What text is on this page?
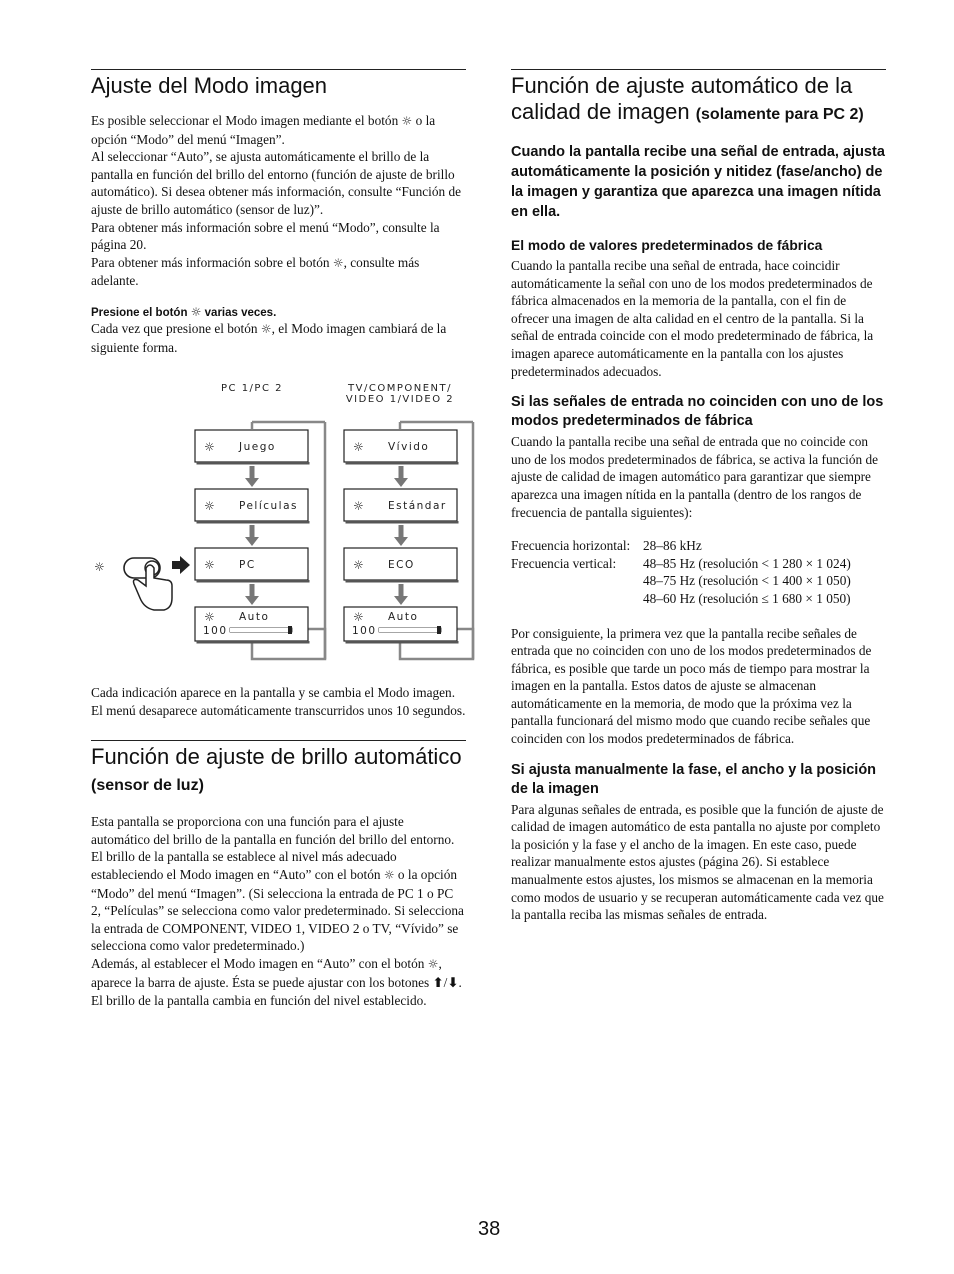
Ajuste del Modo imagen

Es posible seleccionar el Modo imagen mediante el botón ☼ o la opción “Modo” del menú “Imagen”.

Al seleccionar “Auto”, se ajusta automáticamente el brillo de la pantalla en función del brillo del entorno (función de ajuste de brillo automático). Si desea obtener más información, consulte “Función de ajuste de brillo automático (sensor de luz)”.

Para obtener más información sobre el menú “Modo”, consulte la página 20.

Para obtener más información sobre el botón ☼, consulte más adelante.

Presione el botón ☼ varias veces.

Cada vez que presione el botón ☼, el Modo imagen cambiará de la siguiente forma.

PC 1/PC 2	TV/COMPONENT/
VIDEO 1/VIDEO 2
☼ Juego
☼ Películas
☼ PC
☼ Auto
100
☼ Vívido
☼ Estándar
☼ ECO
☼ Auto
100
☼

Cada indicación aparece en la pantalla y se cambia el Modo imagen. El menú desaparece automáticamente transcurridos unos 10 segundos.

Función de ajuste de brillo automático (sensor de luz)

Esta pantalla se proporciona con una función para el ajuste automático del brillo de la pantalla en función del brillo del entorno. El brillo de la pantalla se establece al nivel más adecuado estableciendo el Modo imagen en “Auto” con el botón ☼ o la opción “Modo” del menú “Imagen”. (Si selecciona la entrada de PC 1 o PC 2, “Películas” se selecciona como valor predeterminado. Si selecciona la entrada de COMPONENT, VIDEO 1, VIDEO 2 o TV, “Vívido” se selecciona como valor predeterminado.)

Además, al establecer el Modo imagen en “Auto” con el botón ☼, aparece la barra de ajuste. Ésta se puede ajustar con los botones ⬆/⬇. El brillo de la pantalla cambia en función del nivel establecido.

Función de ajuste automático de la calidad de imagen (solamente para PC 2)
Cuando la pantalla recibe una señal de entrada, ajusta automáticamente la posición y nitidez (fase/ancho) de la imagen y garantiza que aparezca una imagen nítida en ella.
El modo de valores predeterminados de fábrica

Cuando la pantalla recibe una señal de entrada, hace coincidir automáticamente la señal con uno de los modos predeterminados de fábrica almacenados en la memoria de la pantalla, con el fin de ofrecer una imagen de alta calidad en el centro de la pantalla. Si la señal de entrada coincide con el modo predeterminado de fábrica, la imagen aparece automáticamente en la pantalla con los ajustes predeterminados adecuados.

Si las señales de entrada no coinciden con uno de los modos predeterminados de fábrica

Cuando la pantalla recibe una señal de entrada que no coincide con uno de los modos predeterminados de fábrica, se activa la función de ajuste de calidad de imagen automático para garantizar que siempre aparezca una imagen nítida en la pantalla (dentro de los rangos de frecuencia de pantalla siguientes):

Frecuencia horizontal:	28–86 kHz
Frecuencia vertical:	48–85 Hz (resolución < 1 280 × 1 024)
	48–75 Hz (resolución < 1 400 × 1 050)
	48–60 Hz (resolución ≤ 1 680 × 1 050)

Por consiguiente, la primera vez que la pantalla recibe señales de entrada que no coinciden con uno de los modos predeterminados de fábrica, es posible que tarde un poco más de tiempo para mostrar la imagen en la pantalla. Estos datos de ajuste se almacenan automáticamente en la memoria, de modo que la próxima vez la pantalla funcionará del mismo modo que cuando recibe señales que coinciden con los modos predeterminados de fábrica.

Si ajusta manualmente la fase, el ancho y la posición de la imagen

Para algunas señales de entrada, es posible que la función de ajuste de calidad de imagen automático de esta pantalla no ajuste por completo la posición y la fase y el ancho de la imagen. En este caso, puede realizar manualmente estos ajustes (página 26). Si establece manualmente estos ajustes, los mismos se almacenan en la memoria como modos de usuario y se recuperan automáticamente cada vez que la pantalla reciba las mismas señales de entrada.

38
